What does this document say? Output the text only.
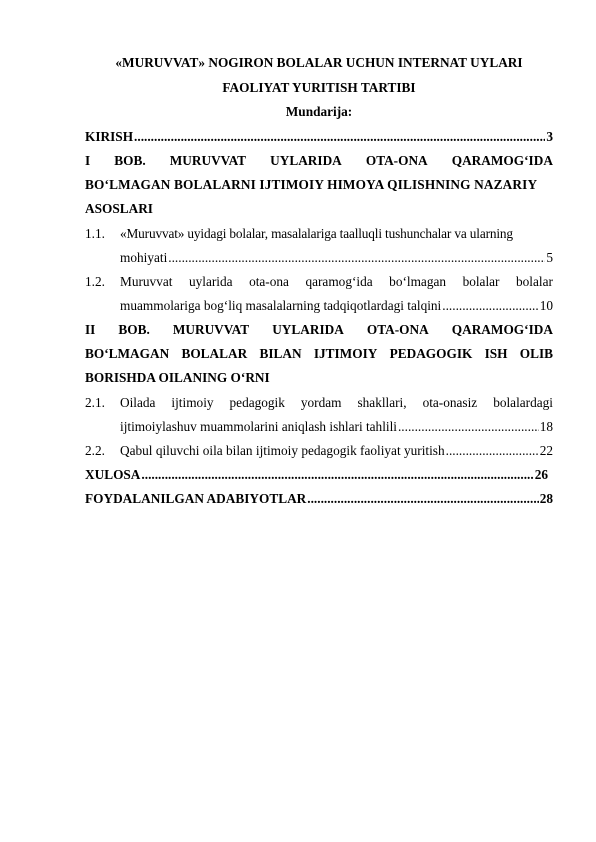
«MURUVVAT» NOGIRON BOLALAR UCHUN INTERNAT UYLARI
FAOLIYAT YURITISH TARTIBI
Mundarija:
KIRISH .....	3
I BOB. MURUVVAT UYLARIDA OTA-ONA QARAMOG‘IDA
BO‘LMAGAN BOLALARNI IJTIMOIY HIMOYA QILISHNING NAZARIY
ASOSLARI
1.1. «Muruvvat» uyidagi bolalar, masalalariga taalluqli tushunchalar va ularning
mohiyati .....	5
1.2. Muruvvat uylarida ota-ona qaramog‘ida bo‘lmagan bolalar bolalar
muammolariga bog‘liq masalalarning tadqiqotlardagi talqini .....	10
II BOB. MURUVVAT UYLARIDA OTA-ONA QARAMOG‘IDA
BO‘LMAGAN BOLALAR BILAN IJTIMOIY PEDAGOGIK ISH OLIB
BORISHDA OILANING O‘RNI
2.1. Oilada ijtimoiy pedagogik yordam shakllari, ota-onasiz bolalardagi
ijtimoiylashuv muammolarini aniqlash ishlari tahlili .....	18
2.2. Qabul qiluvchi oila bilan ijtimoiy pedagogik faoliyat yuritish .....	22
XULOSA .....	26
FOYDALANILGAN ADABIYOTLAR .....	28
